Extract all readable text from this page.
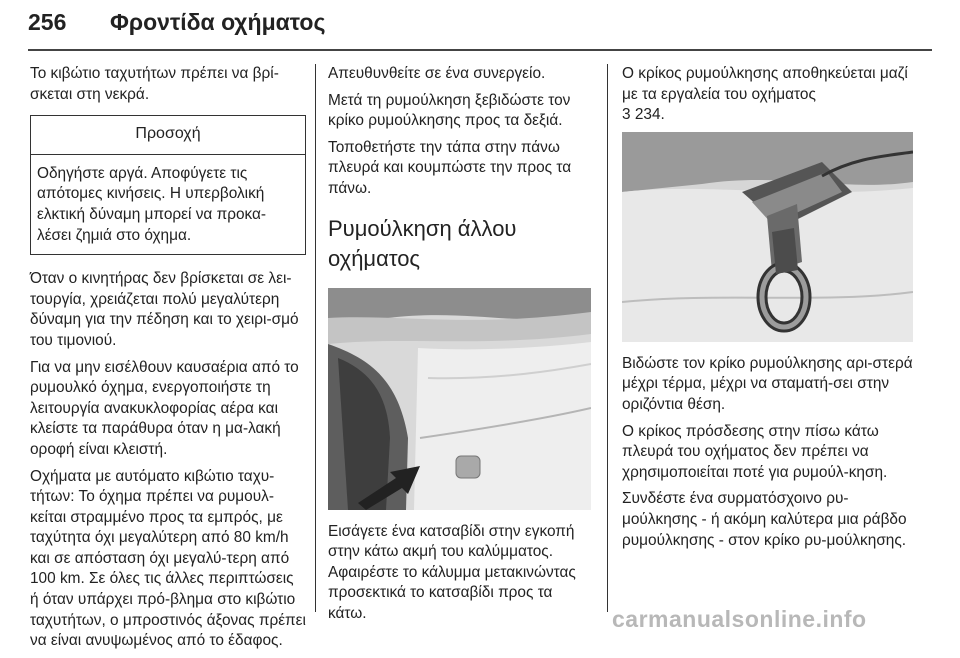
256 Φροντίδα οχήματος

Το κιβώτιο ταχυτήτων πρέπει να βρί‐σκεται στη νεκρά.

Προσοχή
Οδηγήστε αργά. Αποφύγετε τις απότομες κινήσεις. Η υπερβολική ελκτική δύναμη μπορεί να προκα‐λέσει ζημιά στο όχημα.

Όταν ο κινητήρας δεν βρίσκεται σε λει‐τουργία, χρειάζεται πολύ μεγαλύτερη δύναμη για την πέδηση και το χειρι‐σμό του τιμονιού.

Για να μην εισέλθουν καυσαέρια από το ρυμουλκό όχημα, ενεργοποιήστε τη λειτουργία ανακυκλοφορίας αέρα και κλείστε τα παράθυρα όταν η μα‐λακή οροφή είναι κλειστή.

Οχήματα με αυτόματο κιβώτιο ταχυ‐τήτων: Το όχημα πρέπει να ρυμουλ‐κείται στραμμένο προς τα εμπρός, με ταχύτητα όχι μεγαλύτερη από 80 km/h και σε απόσταση όχι μεγαλύ‐τερη από 100 km. Σε όλες τις άλλες περιπτώσεις ή όταν υπάρχει πρό‐βλημα στο κιβώτιο ταχυτήτων, ο μπροστινός άξονας πρέπει να είναι ανυψωμένος από το έδαφος.

Απευθυνθείτε σε ένα συνεργείο.

Μετά τη ρυμούλκηση ξεβιδώστε τον κρίκο ρυμούλκησης προς τα δεξιά.

Τοποθετήστε την τάπα στην πάνω πλευρά και κουμπώστε την προς τα πάνω.

Ρυμούλκηση άλλου οχήματος

Εισάγετε ένα κατσαβίδι στην εγκοπή στην κάτω ακμή του καλύμματος. Αφαιρέστε το κάλυμμα μετακινώντας προσεκτικά το κατσαβίδι προς τα κάτω.

Ο κρίκος ρυμούλκησης αποθηκεύεται μαζί με τα εργαλεία του οχήματος

3 234.

Βιδώστε τον κρίκο ρυμούλκησης αρι‐στερά μέχρι τέρμα, μέχρι να σταματή‐σει στην οριζόντια θέση.

Ο κρίκος πρόσδεσης στην πίσω κάτω πλευρά του οχήματος δεν πρέπει να χρησιμοποιείται ποτέ για ρυμούλ‐κηση.

Συνδέστε ένα συρματόσχοινο ρυ‐μούλκησης - ή ακόμη καλύτερα μια ράβδο ρυμούλκησης - στον κρίκο ρυ‐μούλκησης.

carmanualsonline.info
